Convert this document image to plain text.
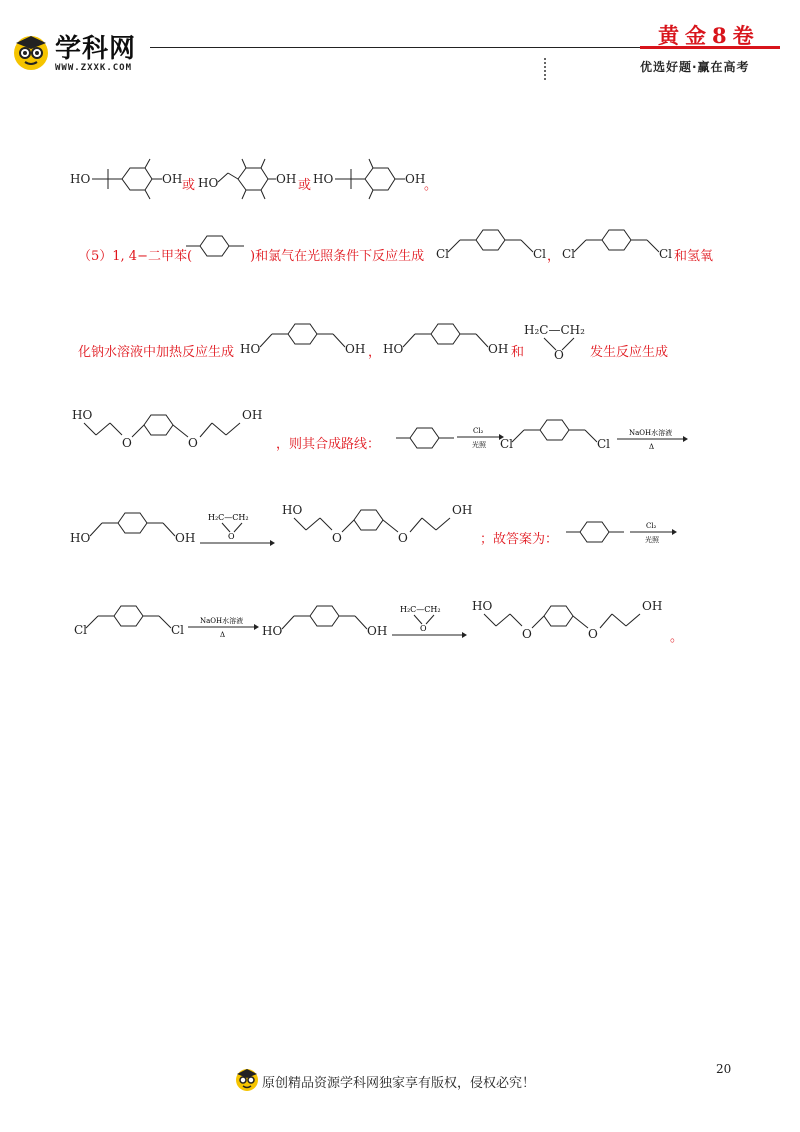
学科网
WWW.ZXXK.COM
黄金8卷
优选好题·赢在高考
HO	OH 或 HO	OH 或 HO	OH
。
（5）1, 4−二甲苯(	)和氯气在光照条件下反应生成 Cl	Cl ， Cl	Cl 和氢氧
化钠水溶液中加热反应生成 HO	OH ， HO	OH 和
H₂C—CH₂
O 发生反应生成
HO
O	O
OH
，则其合成路线：
Cl₂
光照 Cl	Cl
NaOH水溶液
Δ
HO	OH
H₂C—CH₂
O
HO
O	O
OH
；故答案为：
Cl₂
光照
Cl	Cl
NaOH水溶液
Δ	HO	OH
H₂C—CH₂
O
HO
O	O
OH
。
20
原创精品资源学科网独家享有版权，侵权必究！
